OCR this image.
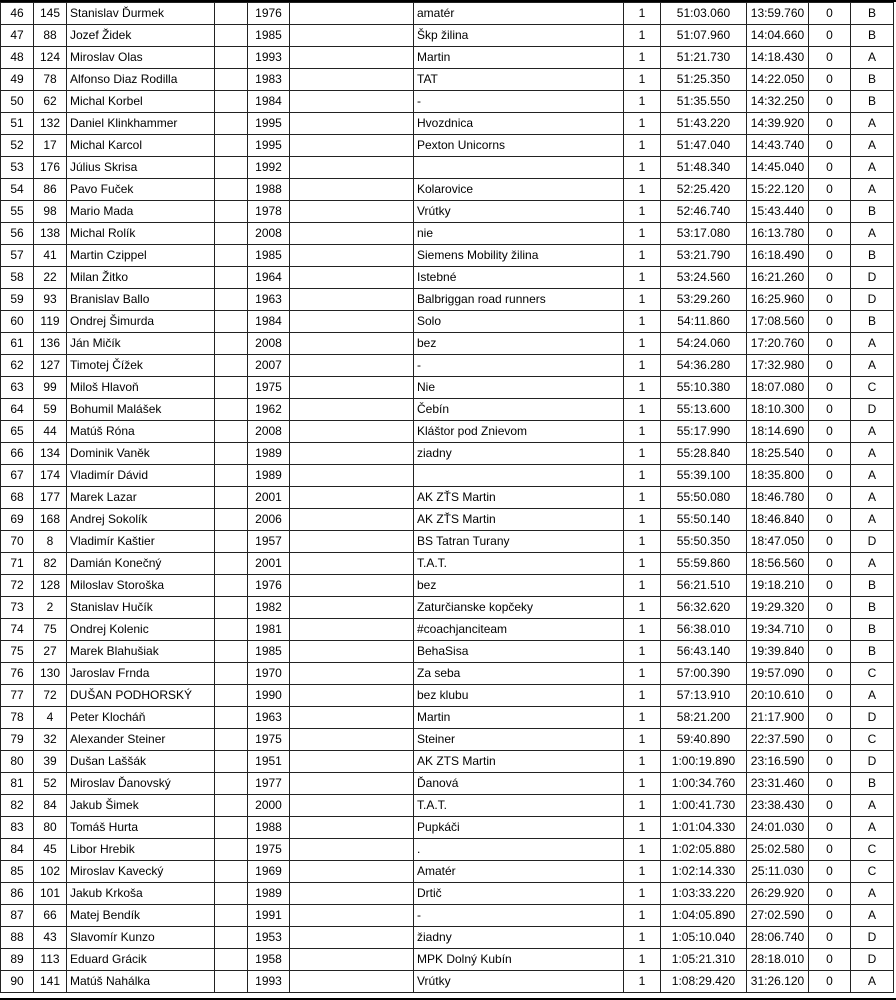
46	145	Stanislav Ďurmek		1976		amatér	1	51:03.060	13:59.760	0	B
47	88	Jozef Židek		1985		Škp žilina	1	51:07.960	14:04.660	0	B
48	124	Miroslav Olas		1993		Martin	1	51:21.730	14:18.430	0	A
49	78	Alfonso Diaz Rodilla		1983		TAT	1	51:25.350	14:22.050	0	B
50	62	Michal Korbel		1984		-	1	51:35.550	14:32.250	0	B
51	132	Daniel Klinkhammer		1995		Hvozdnica	1	51:43.220	14:39.920	0	A
52	17	Michal Karcol		1995		Pexton Unicorns	1	51:47.040	14:43.740	0	A
53	176	Július Skrisa		1992			1	51:48.340	14:45.040	0	A
54	86	Pavo Fuček		1988		Kolarovice	1	52:25.420	15:22.120	0	A
55	98	Mario Mada		1978		Vrútky	1	52:46.740	15:43.440	0	B
56	138	Michal Rolík		2008		nie	1	53:17.080	16:13.780	0	A
57	41	Martin Czippel		1985		Siemens Mobility žilina	1	53:21.790	16:18.490	0	B
58	22	Milan Žitko		1964		Istebné	1	53:24.560	16:21.260	0	D
59	93	Branislav Ballo		1963		Balbriggan road runners	1	53:29.260	16:25.960	0	D
60	119	Ondrej Šimurda		1984		Solo	1	54:11.860	17:08.560	0	B
61	136	Ján Mičík		2008		bez	1	54:24.060	17:20.760	0	A
62	127	Timotej Čížek		2007		-	1	54:36.280	17:32.980	0	A
63	99	Miloš Hlavoň		1975		Nie	1	55:10.380	18:07.080	0	C
64	59	Bohumil Malášek		1962		Čebín	1	55:13.600	18:10.300	0	D
65	44	Matúš Róna		2008		Kláštor pod Znievom	1	55:17.990	18:14.690	0	A
66	134	Dominik Vaněk		1989		ziadny	1	55:28.840	18:25.540	0	A
67	174	Vladimír Dávid		1989			1	55:39.100	18:35.800	0	A
68	177	Marek Lazar		2001		AK ZŤS Martin	1	55:50.080	18:46.780	0	A
69	168	Andrej Sokolík		2006		AK ZŤS Martin	1	55:50.140	18:46.840	0	A
70	8	Vladimír Kaštier		1957		BS Tatran Turany	1	55:50.350	18:47.050	0	D
71	82	Damián Konečný		2001		T.A.T.	1	55:59.860	18:56.560	0	A
72	128	Miloslav Storoška		1976		bez	1	56:21.510	19:18.210	0	B
73	2	Stanislav Hučík		1982		Zaturčianske kopčeky	1	56:32.620	19:29.320	0	B
74	75	Ondrej Kolenic		1981		#coachjanciteam	1	56:38.010	19:34.710	0	B
75	27	Marek Blahušiak		1985		BehaSisa	1	56:43.140	19:39.840	0	B
76	130	Jaroslav Frnda		1970		Za seba	1	57:00.390	19:57.090	0	C
77	72	DUŠAN PODHORSKÝ		1990		bez klubu	1	57:13.910	20:10.610	0	A
78	4	Peter Klocháň		1963		Martin	1	58:21.200	21:17.900	0	D
79	32	Alexander Steiner		1975		Steiner	1	59:40.890	22:37.590	0	C
80	39	Dušan Laššák		1951		AK ZTS Martin	1	1:00:19.890	23:16.590	0	D
81	52	Miroslav Ďanovský		1977		Ďanová	1	1:00:34.760	23:31.460	0	B
82	84	Jakub Šimek		2000		T.A.T.	1	1:00:41.730	23:38.430	0	A
83	80	Tomáš Hurta		1988		Pupkáči	1	1:01:04.330	24:01.030	0	A
84	45	Libor Hrebik		1975		.	1	1:02:05.880	25:02.580	0	C
85	102	Miroslav Kavecký		1969		Amatér	1	1:02:14.330	25:11.030	0	C
86	101	Jakub Krkoša		1989		Drtič	1	1:03:33.220	26:29.920	0	A
87	66	Matej Bendík		1991		-	1	1:04:05.890	27:02.590	0	A
88	43	Slavomír Kunzo		1953		žiadny	1	1:05:10.040	28:06.740	0	D
89	113	Eduard Grácik		1958		MPK Dolný Kubín	1	1:05:21.310	28:18.010	0	D
90	141	Matúš Nahálka		1993		Vrútky	1	1:08:29.420	31:26.120	0	A
